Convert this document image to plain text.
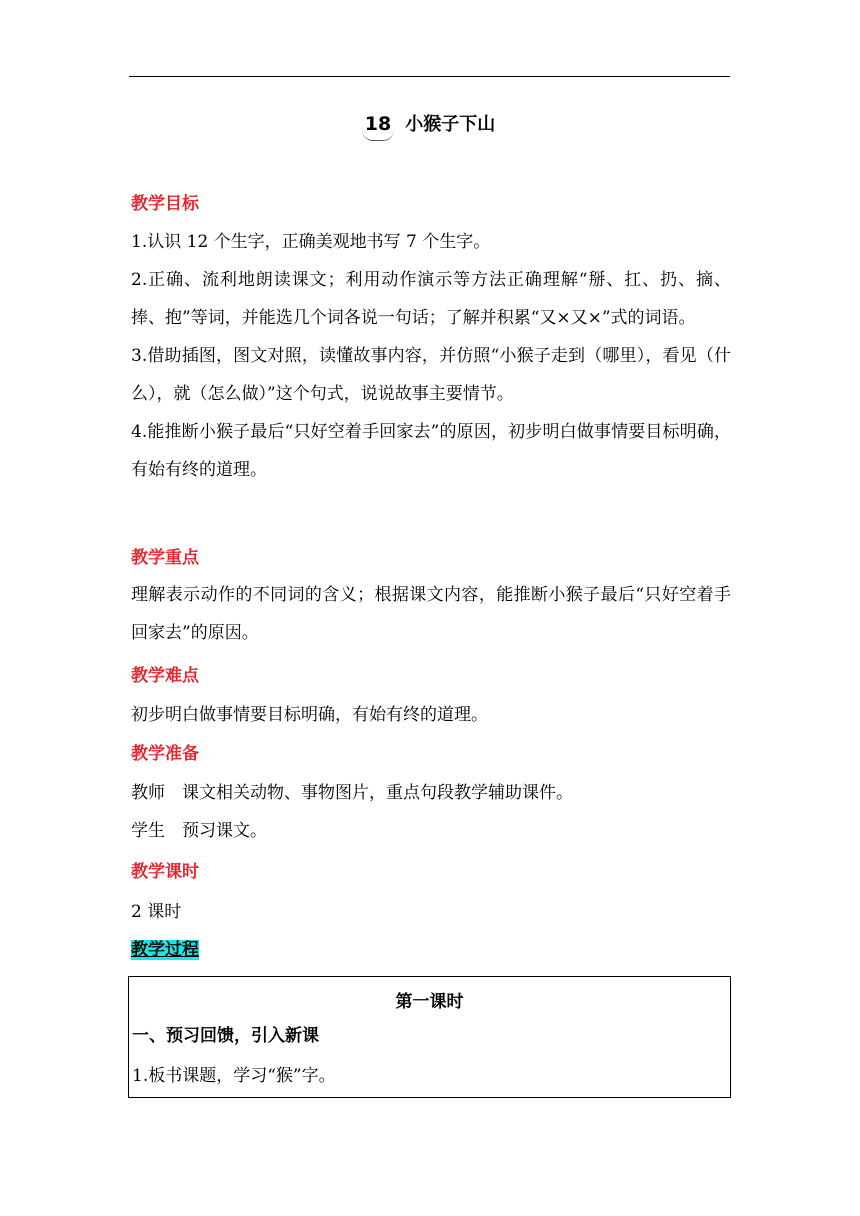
18 小猴子下山
教学目标
1.认识 12 个生字，正确美观地书写 7 个生字。
2.正确、流利地朗读课文；利用动作演示等方法正确理解“掰、扛、扔、摘、捧、抱”等词，并能选几个词各说一句话；了解并积累“又×又×”式的词语。
3.借助插图，图文对照，读懂故事内容，并仿照“小猴子走到（哪里），看见（什么），就（怎么做）”这个句式，说说故事主要情节。
4.能推断小猴子最后“只好空着手回家去”的原因，初步明白做事情要目标明确，有始有终的道理。
教学重点
理解表示动作的不同词的含义；根据课文内容，能推断小猴子最后“只好空着手回家去”的原因。
教学难点
初步明白做事情要目标明确，有始有终的道理。
教学准备
教师　课文相关动物、事物图片，重点句段教学辅助课件。
学生　预习课文。
教学课时
2 课时
教学过程
第一课时
一、预习回馈，引入新课
1.板书课题，学习“猴”字。
